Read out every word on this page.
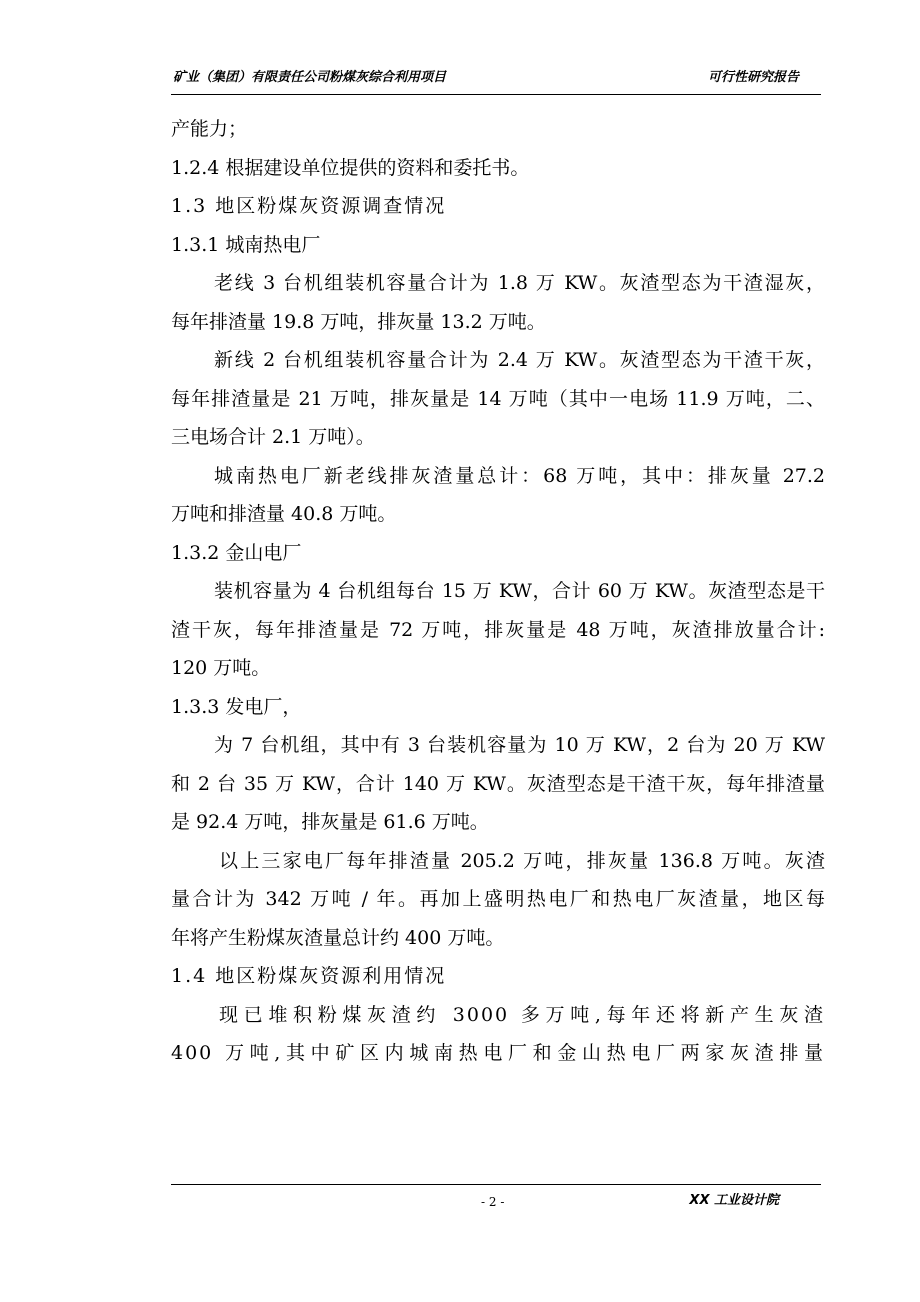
矿业（集团）有限责任公司粉煤灰综合利用项目	可行性研究报告
产能力；
1.2.4 根据建设单位提供的资料和委托书。
1.3 地区粉煤灰资源调查情况
1.3.1 城南热电厂
老线 3 台机组装机容量合计为 1.8 万 KW。灰渣型态为干渣湿灰，
每年排渣量 19.8 万吨，排灰量 13.2 万吨。
新线 2 台机组装机容量合计为 2.4 万 KW。灰渣型态为干渣干灰，
每年排渣量是 21 万吨，排灰量是 14 万吨（其中一电场 11.9 万吨，二、
三电场合计 2.1 万吨）。
城南热电厂新老线排灰渣量总计：68 万吨，其中：排灰量 27.2
万吨和排渣量 40.8 万吨。
1.3.2 金山电厂
装机容量为 4 台机组每台 15 万 KW，合计 60 万 KW。灰渣型态是干
渣干灰，每年排渣量是 72 万吨，排灰量是 48 万吨，灰渣排放量合计:
120 万吨。
1.3.3 发电厂，
为 7 台机组，其中有 3 台装机容量为 10 万 KW，2 台为 20 万 KW
和 2 台 35 万 KW，合计 140 万 KW。灰渣型态是干渣干灰，每年排渣量
是 92.4 万吨，排灰量是 61.6 万吨。
以上三家电厂每年排渣量 205.2 万吨，排灰量 136.8 万吨。灰渣
量合计为 342 万吨 / 年。再加上盛明热电厂和热电厂灰渣量，地区每
年将产生粉煤灰渣量总计约 400 万吨。
1.4 地区粉煤灰资源利用情况
现已堆积粉煤灰渣约 3000 多万吨,每年还将新产生灰渣
400 万吨,其中矿区内城南热电厂和金山热电厂两家灰渣排量
- 2 -	XX 工业设计院
